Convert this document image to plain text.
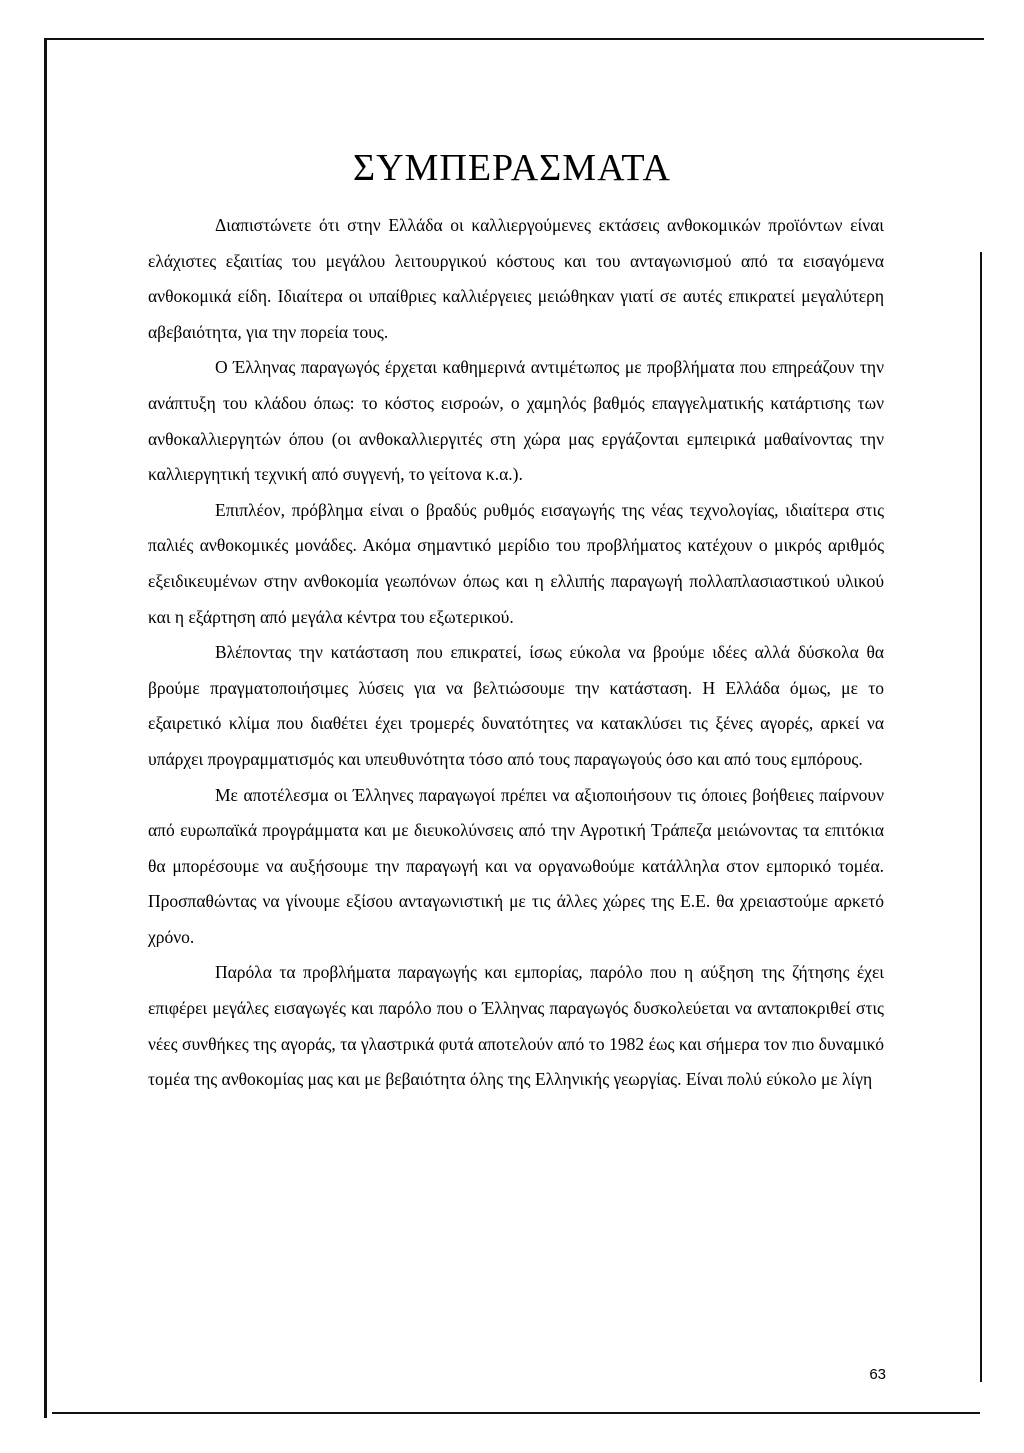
ΣΥΜΠΕΡΑΣΜΑΤΑ

Διαπιστώνετε ότι στην Ελλάδα οι καλλιεργούμενες εκτάσεις ανθοκομικών προϊόντων είναι ελάχιστες εξαιτίας του μεγάλου λειτουργικού κόστους και του ανταγωνισμού από τα εισαγόμενα ανθοκομικά είδη. Ιδιαίτερα οι υπαίθριες καλλιέργειες μειώθηκαν γιατί σε αυτές επικρατεί μεγαλύτερη αβεβαιότητα, για την πορεία τους.

Ο Έλληνας παραγωγός έρχεται καθημερινά αντιμέτωπος με προβλήματα που επηρεάζουν την ανάπτυξη του κλάδου όπως: το κόστος εισροών, ο χαμηλός βαθμός επαγγελματικής κατάρτισης των ανθοκαλλιεργητών όπου (οι ανθοκαλλιεργιτές στη χώρα μας εργάζονται εμπειρικά μαθαίνοντας την καλλιεργητική τεχνική από συγγενή, το γείτονα κ.α.).

Επιπλέον, πρόβλημα είναι ο βραδύς ρυθμός εισαγωγής της νέας τεχνολογίας, ιδιαίτερα στις παλιές ανθοκομικές μονάδες. Ακόμα σημαντικό μερίδιο του προβλήματος κατέχουν ο μικρός αριθμός εξειδικευμένων στην ανθοκομία γεωπόνων όπως και η ελλιπής παραγωγή πολλαπλασιαστικού υλικού και η εξάρτηση από μεγάλα κέντρα του εξωτερικού.

Βλέποντας την κατάσταση που επικρατεί, ίσως εύκολα να βρούμε ιδέες αλλά δύσκολα θα βρούμε πραγματοποιήσιμες λύσεις για να βελτιώσουμε την κατάσταση. Η Ελλάδα όμως, με το εξαιρετικό κλίμα που διαθέτει έχει τρομερές δυνατότητες να κατακλύσει τις ξένες αγορές, αρκεί να υπάρχει προγραμματισμός και υπευθυνότητα τόσο από τους παραγωγούς όσο και από τους εμπόρους.

Με αποτέλεσμα οι Έλληνες παραγωγοί πρέπει να αξιοποιήσουν τις όποιες βοήθειες παίρνουν από ευρωπαϊκά προγράμματα και με διευκολύνσεις από την Αγροτική Τράπεζα μειώνοντας τα επιτόκια θα μπορέσουμε να αυξήσουμε την παραγωγή και να οργανωθούμε κατάλληλα στον εμπορικό τομέα. Προσπαθώντας να γίνουμε εξίσου ανταγωνιστική με τις άλλες χώρες της Ε.Ε. θα χρειαστούμε αρκετό χρόνο.

Παρόλα τα προβλήματα παραγωγής και εμπορίας, παρόλο που η αύξηση της ζήτησης έχει επιφέρει μεγάλες εισαγωγές και παρόλο που ο Έλληνας παραγωγός δυσκολεύεται να ανταποκριθεί στις νέες συνθήκες της αγοράς, τα γλαστρικά φυτά αποτελούν από το 1982 έως και σήμερα τον πιο δυναμικό τομέα της ανθοκομίας μας και με βεβαιότητα όλης της Ελληνικής γεωργίας. Είναι πολύ εύκολο με λίγη

63
